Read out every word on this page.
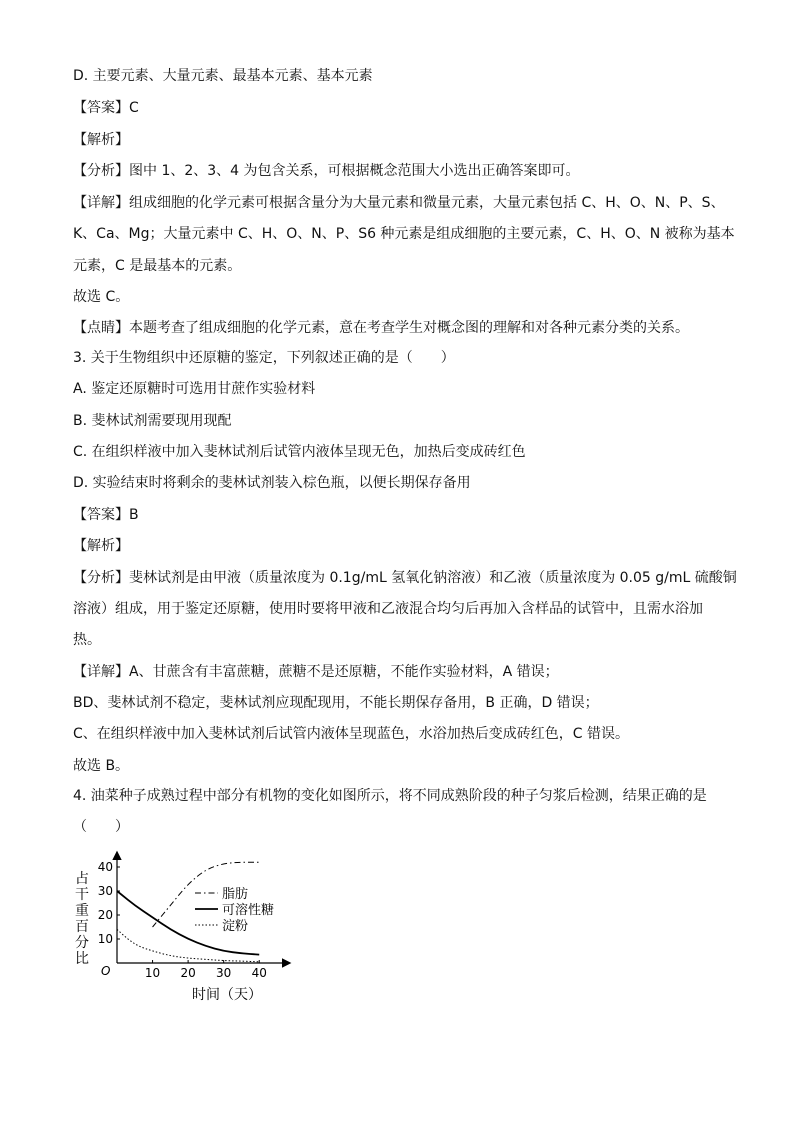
D. 主要元素、大量元素、最基本元素、基本元素
【答案】C
【解析】
【分析】图中 1、2、3、4 为包含关系，可根据概念范围大小选出正确答案即可。
【详解】组成细胞的化学元素可根据含量分为大量元素和微量元素，大量元素包括 C、H、O、N、P、S、
K、Ca、Mg；大量元素中 C、H、O、N、P、S6 种元素是组成细胞的主要元素，C、H、O、N 被称为基本
元素，C 是最基本的元素。
故选 C。
【点睛】本题考查了组成细胞的化学元素，意在考查学生对概念图的理解和对各种元素分类的关系。
3. 关于生物组织中还原糖的鉴定，下列叙述正确的是（　　）
A. 鉴定还原糖时可选用甘蔗作实验材料
B. 斐林试剂需要现用现配
C. 在组织样液中加入斐林试剂后试管内液体呈现无色，加热后变成砖红色
D. 实验结束时将剩余的斐林试剂装入棕色瓶，以便长期保存备用
【答案】B
【解析】
【分析】斐林试剂是由甲液（质量浓度为 0.1g/mL 氢氧化钠溶液）和乙液（质量浓度为 0.05 g/mL 硫酸铜
溶液）组成，用于鉴定还原糖，使用时要将甲液和乙液混合均匀后再加入含样品的试管中，且需水浴加
热。
【详解】A、甘蔗含有丰富蔗糖，蔗糖不是还原糖，不能作实验材料，A 错误；
BD、斐林试剂不稳定，斐林试剂应现配现用，不能长期保存备用，B 正确，D 错误；
C、在组织样液中加入斐林试剂后试管内液体呈现蓝色，水浴加热后变成砖红色，C 错误。
故选 B。
4. 油菜种子成熟过程中部分有机物的变化如图所示，将不同成熟阶段的种子匀浆后检测，结果正确的是
（　　）
脂肪
可溶性糖
淀粉
10 20 30 40
10
20
30
40
O
占
干
重
百
分
比
时间（天）
